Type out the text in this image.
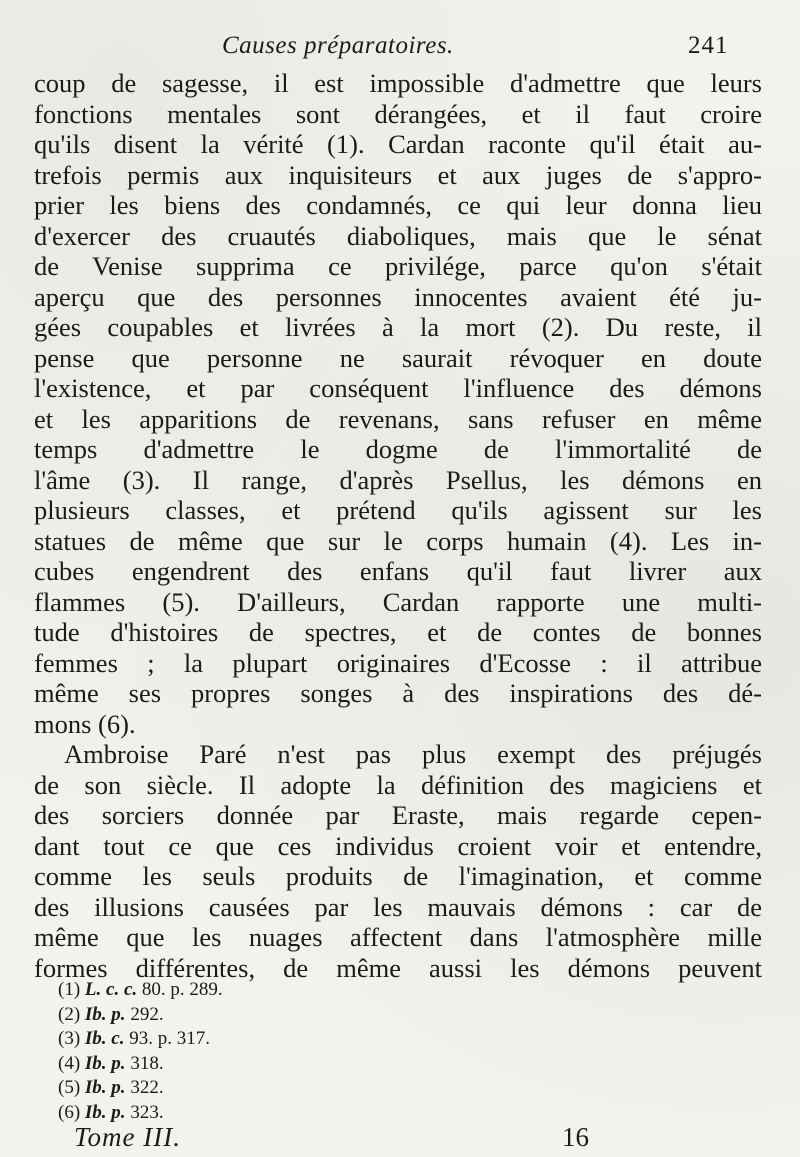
Causes préparatoires.	241
coup de sagesse, il est impossible d'admettre que leurs
fonctions mentales sont dérangées, et il faut croire
qu'ils disent la vérité (1). Cardan raconte qu'il était au-
trefois permis aux inquisiteurs et aux juges de s'appro-
prier les biens des condamnés, ce qui leur donna lieu
d'exercer des cruautés diaboliques, mais que le sénat
de Venise supprima ce privilége, parce qu'on s'était
aperçu que des personnes innocentes avaient été ju-
gées coupables et livrées à la mort (2). Du reste, il
pense que personne ne saurait révoquer en doute
l'existence, et par conséquent l'influence des démons
et les apparitions de revenans, sans refuser en même
temps d'admettre le dogme de l'immortalité de
l'âme (3). Il range, d'après Psellus, les démons en
plusieurs classes, et prétend qu'ils agissent sur les
statues de même que sur le corps humain (4). Les in-
cubes engendrent des enfans qu'il faut livrer aux
flammes (5). D'ailleurs, Cardan rapporte une multi-
tude d'histoires de spectres, et de contes de bonnes
femmes ; la plupart originaires d'Ecosse : il attribue
même ses propres songes à des inspirations des dé-
mons (6).
Ambroise Paré n'est pas plus exempt des préjugés
de son siècle. Il adopte la définition des magiciens et
des sorciers donnée par Eraste, mais regarde cepen-
dant tout ce que ces individus croient voir et entendre,
comme les seuls produits de l'imagination, et comme
des illusions causées par les mauvais démons : car de
même que les nuages affectent dans l'atmosphère mille
formes différentes, de même aussi les démons peuvent
(1) L. c. c. 80. p. 289.
(2) Ib. p. 292.
(3) Ib. c. 93. p. 317.
(4) Ib. p. 318.
(5) Ib. p. 322.
(6) Ib. p. 323.
Tome III.	16
